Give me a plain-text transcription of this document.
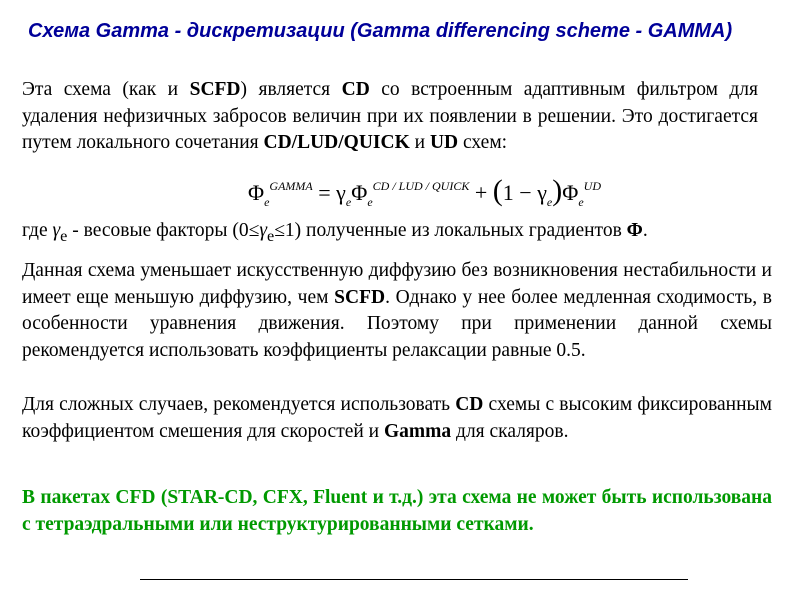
Схема Gamma - дискретизации (Gamma differencing scheme - GAMMA)
Эта схема (как и SCFD) является CD со встроенным адаптивным фильтром для удаления нефизичных забросов величин при их появлении в решении. Это достигается путем локального сочетания CD/LUD/QUICK и UD схем:
$\Phi_e^{GAMMA} = \gamma_e\Phi_e^{CD / LUD / QUICK} + (1 - \gamma_e)\Phi_e^{UD}$
где $\gamma_e$ - весовые факторы $(0\le\gamma_e\le 1)$ полученные из локальных градиентов Φ.
Данная схема уменьшает искусственную диффузию без возникновения нестабильности и имеет еще меньшую диффузию, чем SCFD. Однако у нее более медленная сходимость, в особенности уравнения движения. Поэтому при применении данной схемы рекомендуется использовать коэффициенты релаксации равные 0.5.
Для сложных случаев, рекомендуется использовать CD схемы с высоким фиксированным коэффициентом смешения для скоростей и Gamma для скаляров.
В пакетах CFD (STAR-CD, CFX, Fluent и т.д.) эта схема не может быть использована с тетраэдральными или неструктурированными сетками.
